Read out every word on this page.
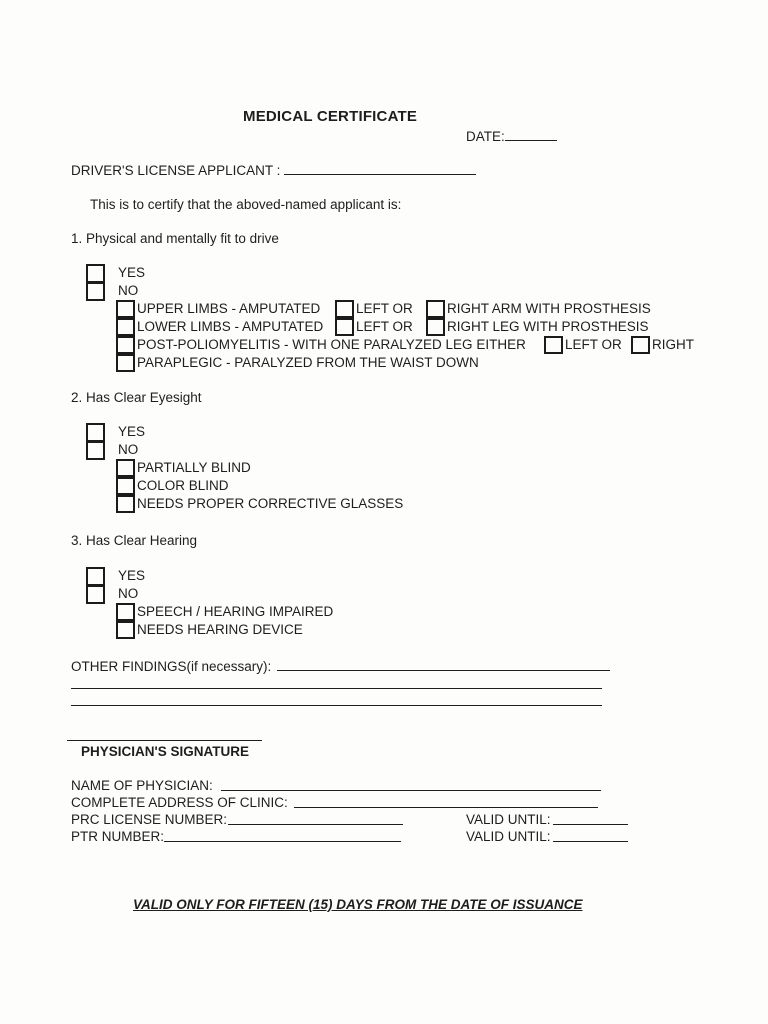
MEDICAL CERTIFICATE
DATE:
DRIVER'S LICENSE APPLICANT :
This is to certify that the aboved-named applicant is:
1. Physical and mentally fit to drive
YES
NO
UPPER LIMBS - AMPUTATED	LEFT OR	RIGHT ARM WITH PROSTHESIS
LOWER LIMBS - AMPUTATED LEFT OR	RIGHT LEG WITH PROSTHESIS
POST-POLIOMYELITIS - WITH ONE PARALYZED LEG EITHER	LEFT OR RIGHT
PARAPLEGIC - PARALYZED FROM THE WAIST DOWN
2. Has Clear Eyesight
YES
NO
PARTIALLY BLIND
COLOR BLIND
NEEDS PROPER CORRECTIVE GLASSES
3. Has Clear Hearing
YES
NO
SPEECH / HEARING IMPAIRED
NEEDS HEARING DEVICE
OTHER FINDINGS(if necessary):
PHYSICIAN'S SIGNATURE
NAME OF PHYSICIAN:
COMPLETE ADDRESS OF CLINIC:
PRC LICENSE NUMBER:	VALID UNTIL:
PTR NUMBER:	VALID UNTIL:
VALID ONLY FOR FIFTEEN (15) DAYS FROM THE DATE OF ISSUANCE
